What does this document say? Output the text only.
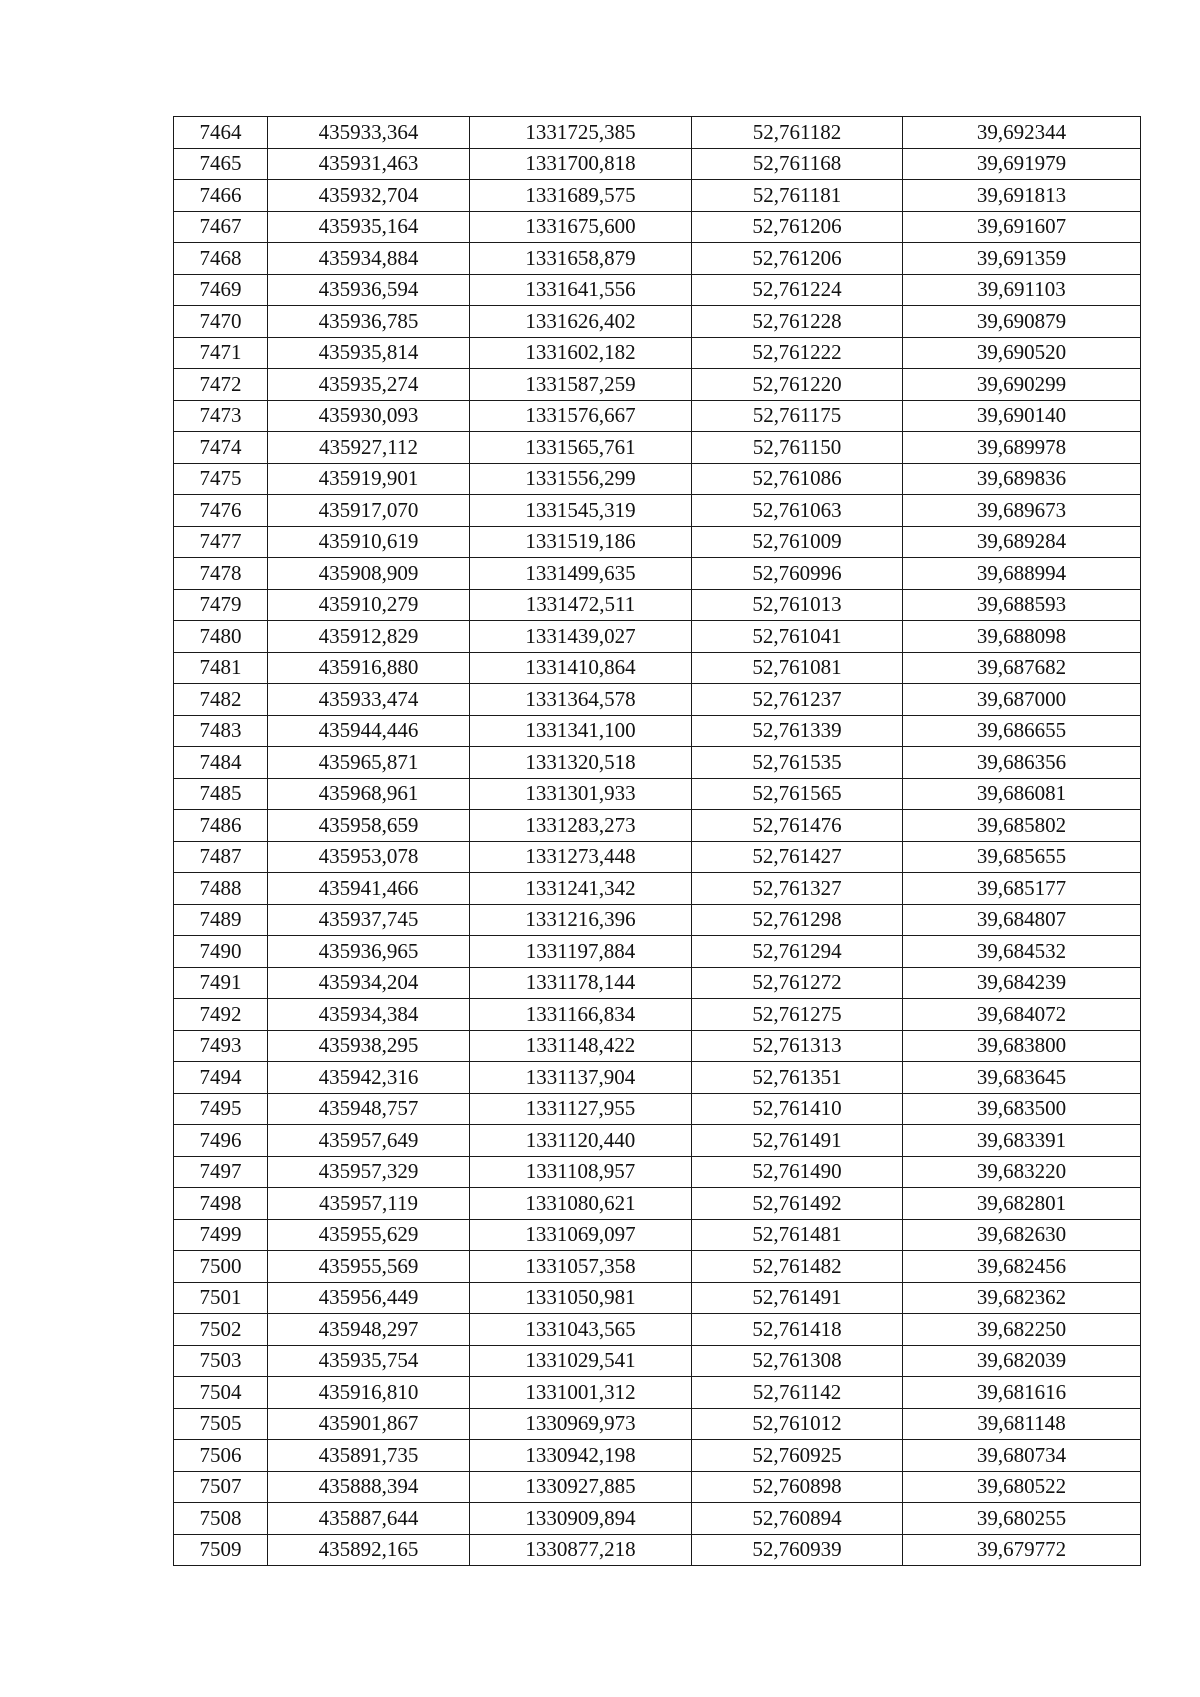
7464	435933,364	1331725,385	52,761182	39,692344
7465	435931,463	1331700,818	52,761168	39,691979
7466	435932,704	1331689,575	52,761181	39,691813
7467	435935,164	1331675,600	52,761206	39,691607
7468	435934,884	1331658,879	52,761206	39,691359
7469	435936,594	1331641,556	52,761224	39,691103
7470	435936,785	1331626,402	52,761228	39,690879
7471	435935,814	1331602,182	52,761222	39,690520
7472	435935,274	1331587,259	52,761220	39,690299
7473	435930,093	1331576,667	52,761175	39,690140
7474	435927,112	1331565,761	52,761150	39,689978
7475	435919,901	1331556,299	52,761086	39,689836
7476	435917,070	1331545,319	52,761063	39,689673
7477	435910,619	1331519,186	52,761009	39,689284
7478	435908,909	1331499,635	52,760996	39,688994
7479	435910,279	1331472,511	52,761013	39,688593
7480	435912,829	1331439,027	52,761041	39,688098
7481	435916,880	1331410,864	52,761081	39,687682
7482	435933,474	1331364,578	52,761237	39,687000
7483	435944,446	1331341,100	52,761339	39,686655
7484	435965,871	1331320,518	52,761535	39,686356
7485	435968,961	1331301,933	52,761565	39,686081
7486	435958,659	1331283,273	52,761476	39,685802
7487	435953,078	1331273,448	52,761427	39,685655
7488	435941,466	1331241,342	52,761327	39,685177
7489	435937,745	1331216,396	52,761298	39,684807
7490	435936,965	1331197,884	52,761294	39,684532
7491	435934,204	1331178,144	52,761272	39,684239
7492	435934,384	1331166,834	52,761275	39,684072
7493	435938,295	1331148,422	52,761313	39,683800
7494	435942,316	1331137,904	52,761351	39,683645
7495	435948,757	1331127,955	52,761410	39,683500
7496	435957,649	1331120,440	52,761491	39,683391
7497	435957,329	1331108,957	52,761490	39,683220
7498	435957,119	1331080,621	52,761492	39,682801
7499	435955,629	1331069,097	52,761481	39,682630
7500	435955,569	1331057,358	52,761482	39,682456
7501	435956,449	1331050,981	52,761491	39,682362
7502	435948,297	1331043,565	52,761418	39,682250
7503	435935,754	1331029,541	52,761308	39,682039
7504	435916,810	1331001,312	52,761142	39,681616
7505	435901,867	1330969,973	52,761012	39,681148
7506	435891,735	1330942,198	52,760925	39,680734
7507	435888,394	1330927,885	52,760898	39,680522
7508	435887,644	1330909,894	52,760894	39,680255
7509	435892,165	1330877,218	52,760939	39,679772
